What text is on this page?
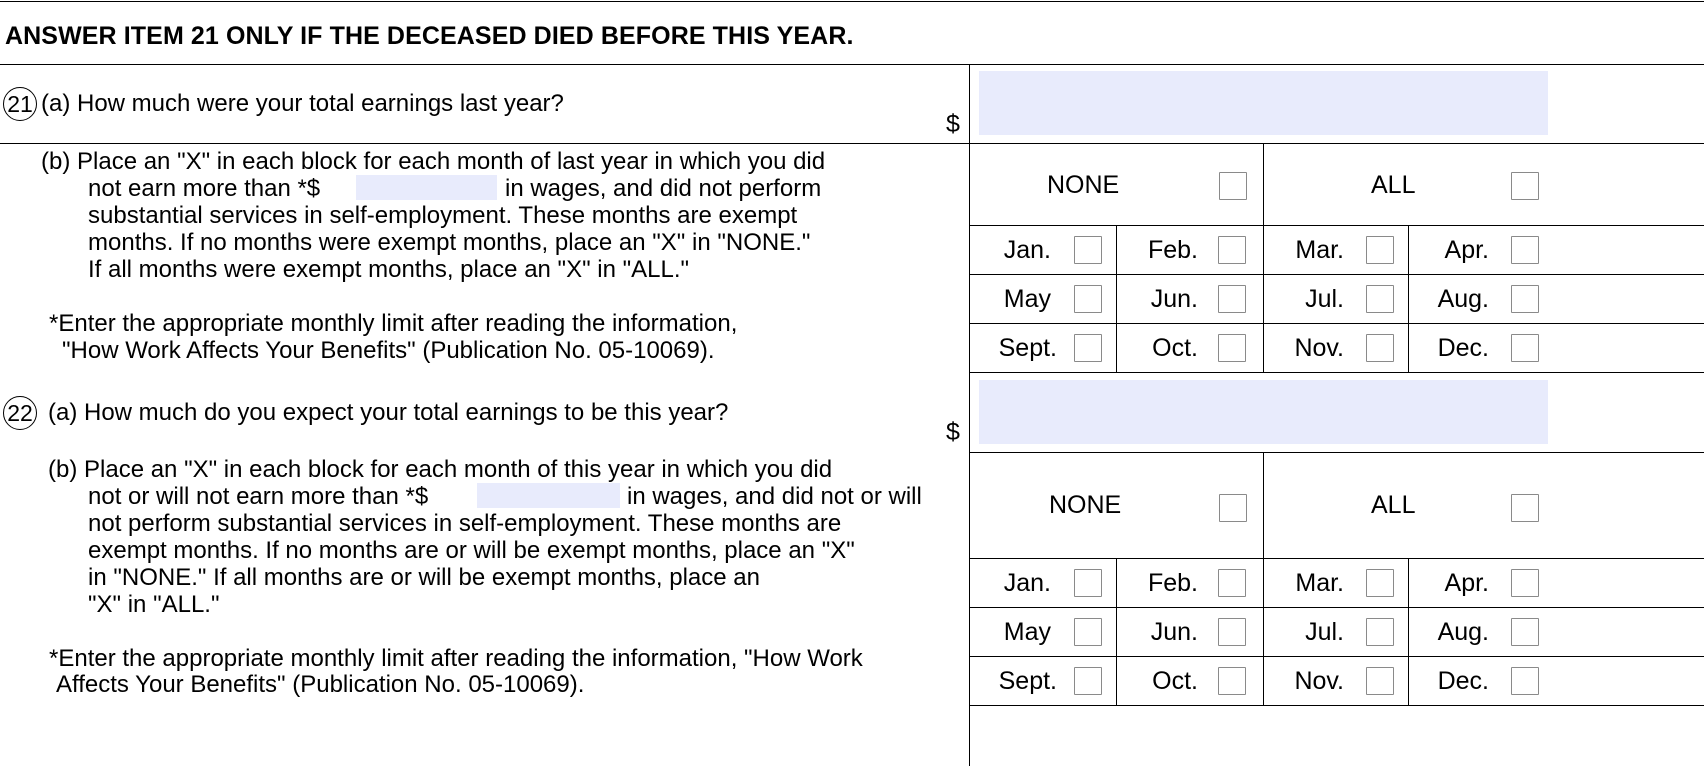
ANSWER ITEM 21 ONLY IF THE DECEASED DIED BEFORE THIS YEAR.
21 (a) How much were your total earnings last year?
$
(b) Place an "X" in each block for each month of last year in which you did
not earn more than *$	in wages, and did not perform
substantial services in self-employment. These months are exempt
months. If no months were exempt months, place an "X" in "NONE."
If all months were exempt months, place an "X" in "ALL."
*Enter the appropriate monthly limit after reading the information,
"How Work Affects Your Benefits" (Publication No. 05-10069).
NONE	ALL
Jan.	Feb.	Mar.	Apr.
May	Jun.	Jul.	Aug.
Sept.	Oct.	Nov.	Dec.
22 (a) How much do you expect your total earnings to be this year?
$
(b) Place an "X" in each block for each month of this year in which you did
not or will not earn more than *$	in wages, and did not or will
not perform substantial services in self-employment. These months are
exempt months. If no months are or will be exempt months, place an "X"
in "NONE." If all months are or will be exempt months, place an
"X" in "ALL."
*Enter the appropriate monthly limit after reading the information, "How Work
Affects Your Benefits" (Publication No. 05-10069).
NONE	ALL
Jan.	Feb.	Mar.	Apr.
May	Jun.	Jul.	Aug.
Sept.	Oct.	Nov.	Dec.
